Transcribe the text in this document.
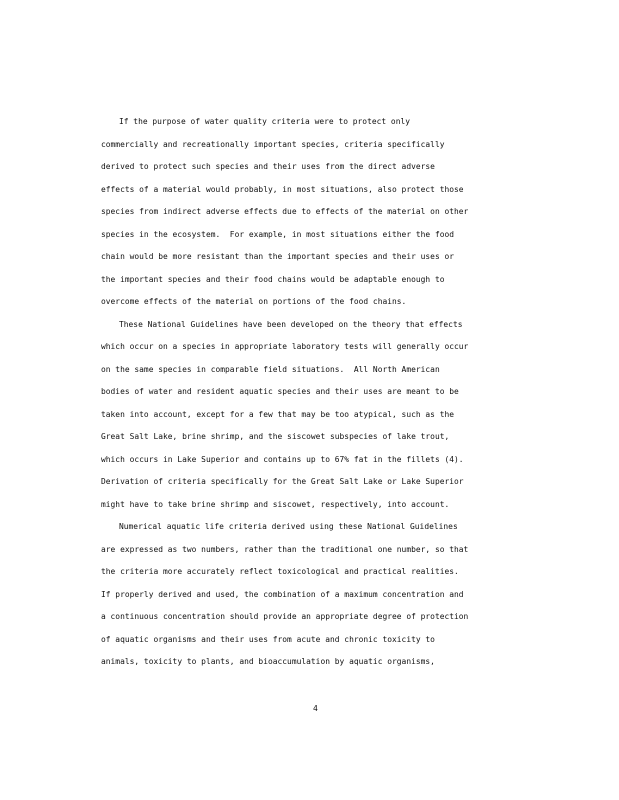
If the purpose of water quality criteria were to protect only
commercially and recreationally important species, criteria specifically
derived to protect such species and their uses from the direct adverse
effects of a material would probably, in most situations, also protect those
species from indirect adverse effects due to effects of the material on other
species in the ecosystem.  For example, in most situations either the food
chain would be more resistant than the important species and their uses or
the important species and their food chains would be adaptable enough to
overcome effects of the material on portions of the food chains.
These National Guidelines have been developed on the theory that effects
which occur on a species in appropriate laboratory tests will generally occur
on the same species in comparable field situations.  All North American
bodies of water and resident aquatic species and their uses are meant to be
taken into account, except for a few that may be too atypical, such as the
Great Salt Lake, brine shrimp, and the siscowet subspecies of lake trout,
which occurs in Lake Superior and contains up to 67% fat in the fillets (4).
Derivation of criteria specifically for the Great Salt Lake or Lake Superior
might have to take brine shrimp and siscowet, respectively, into account.
Numerical aquatic life criteria derived using these National Guidelines
are expressed as two numbers, rather than the traditional one number, so that
the criteria more accurately reflect toxicological and practical realities.
If properly derived and used, the combination of a maximum concentration and
a continuous concentration should provide an appropriate degree of protection
of aquatic organisms and their uses from acute and chronic toxicity to
animals, toxicity to plants, and bioaccumulation by aquatic organisms,
4
